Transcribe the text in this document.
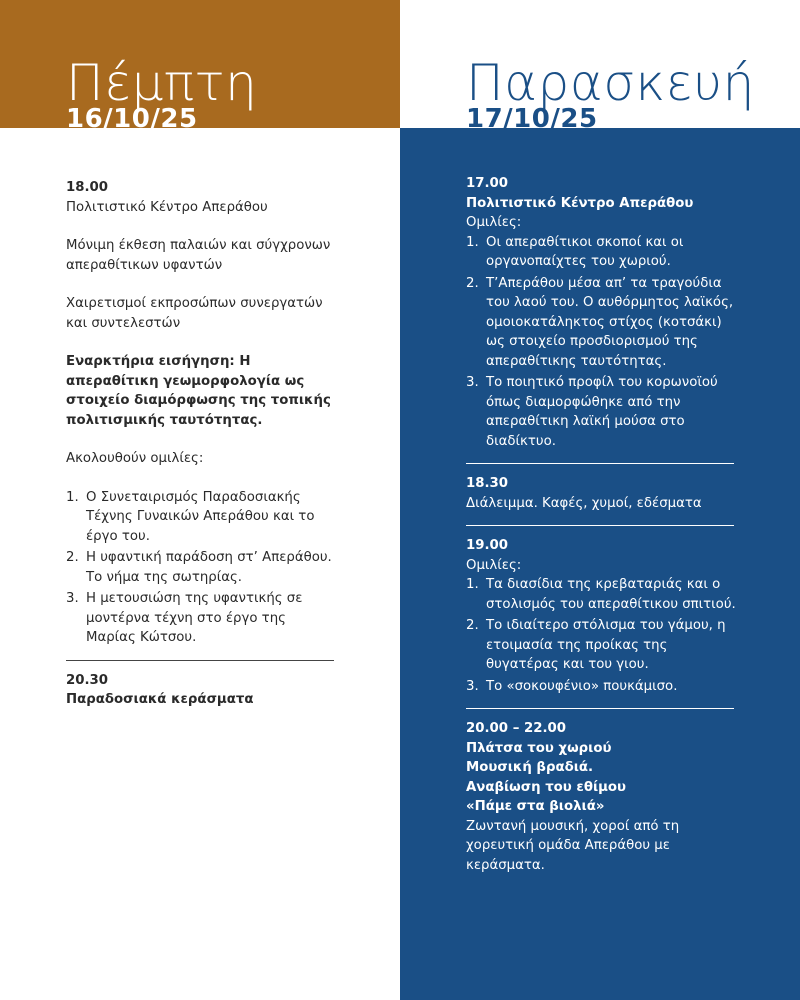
Πέμπτη
16/10/25
Παρασκευή
17/10/25
18.00
Πολιτιστικό Κέντρο Απεράθου
Μόνιμη έκθεση παλαιών και σύγχρονων απεραθίτικων υφαντών
Χαιρετισμοί εκπροσώπων συνεργατών και συντελεστών
Εναρκτήρια εισήγηση: Η απεραθίτικη γεωμορφολογία ως στοιχείο διαμόρφωσης της τοπικής πολιτισμικής ταυτότητας.
Ακολουθούν ομιλίες:
1. Ο Συνεταιρισμός Παραδοσιακής Τέχνης Γυναικών Απεράθου και το έργο του.
2. Η υφαντική παράδοση στ’ Απεράθου. Το νήμα της σωτηρίας.
3. Η μετουσιώση της υφαντικής σε μοντέρνα τέχνη στο έργο της Μαρίας Κώτσου.
20.30
Παραδοσιακά κεράσματα
17.00
Πολιτιστικό Κέντρο Απεράθου
Ομιλίες:
1. Οι απεραθίτικοι σκοποί και οι οργανοπαίχτες του χωριού.
2. Τ’Απεράθου μέσα απ’ τα τραγούδια του λαού του. Ο αυθόρμητος λαϊκός, ομοιοκατάληκτος στίχος (κοτσάκι) ως στοιχείο προσδιορισμού της απεραθίτικης ταυτότητας.
3. Το ποιητικό προφίλ του κορωνοϊού όπως διαμορφώθηκε από την απεραθίτικη λαϊκή μούσα στο διαδίκτυο.
18.30
Διάλειμμα. Καφές, χυμοί, εδέσματα
19.00
Ομιλίες:
1. Τα διασίδια της κρεβαταριάς και ο στολισμός του απεραθίτικου σπιτιού.
2. Το ιδιαίτερο στόλισμα του γάμου, η ετοιμασία της προίκας της θυγατέρας και του γιου.
3. Το «σοκουφένιο» πουκάμισο.
20.00 – 22.00
Πλάτσα του χωριού
Μουσική βραδιά.
Αναβίωση του εθίμου
«Πάμε στα βιολιά»
Ζωντανή μουσική, χοροί από τη χορευτική ομάδα Απεράθου με κεράσματα.
